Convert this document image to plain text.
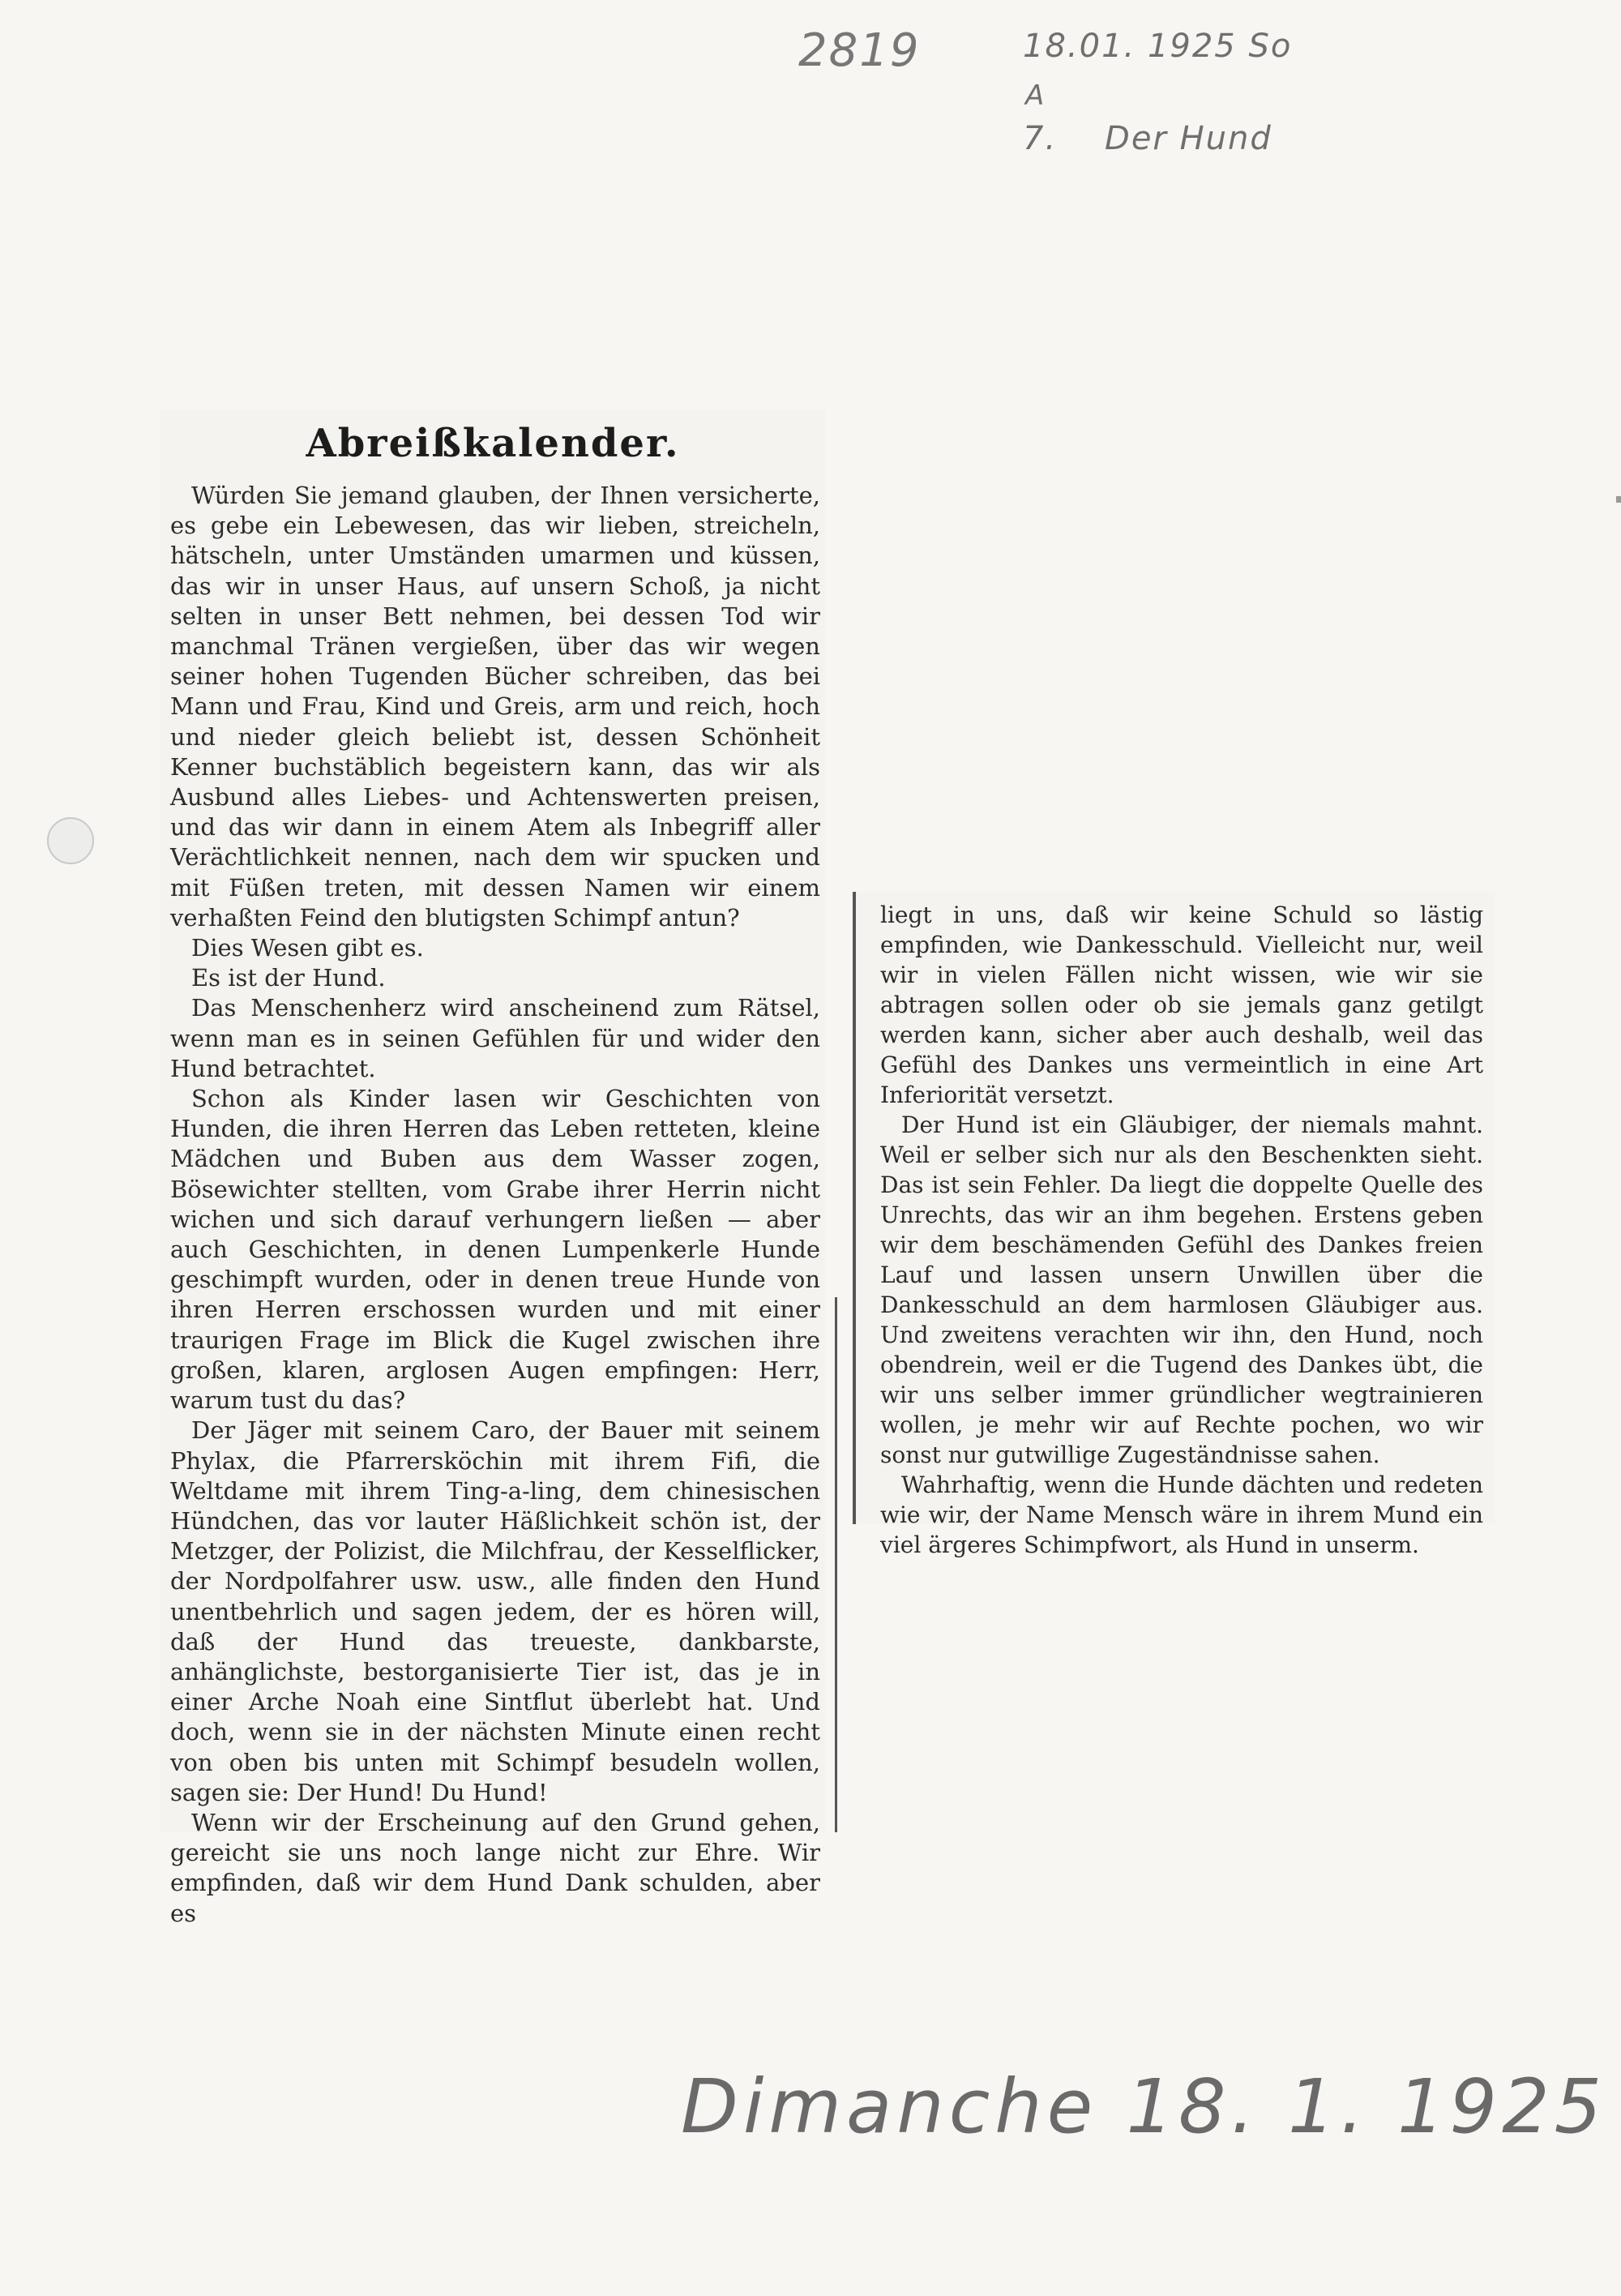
2819	18.01. 1925 So
A
7.    Der Hund
Dimanche 18. 1. 1925
Abreißkalender.

Würden Sie jemand glauben, der Ihnen versicherte, es gebe ein Lebewesen, das wir lieben, streicheln, hätscheln, unter Umständen umarmen und küssen, das wir in unser Haus, auf unsern Schoß, ja nicht selten in unser Bett nehmen, bei dessen Tod wir manchmal Tränen vergießen, über das wir wegen seiner hohen Tugenden Bücher schreiben, das bei Mann und Frau, Kind und Greis, arm und reich, hoch und nieder gleich beliebt ist, dessen Schönheit Kenner buchstäblich begeistern kann, das wir als Ausbund alles Liebes- und Achtenswerten preisen, und das wir dann in einem Atem als Inbegriff aller Verächtlichkeit nennen, nach dem wir spucken und mit Füßen treten, mit dessen Namen wir einem verhaßten Feind den blutigsten Schimpf antun?

Dies Wesen gibt es.

Es ist der Hund.

Das Menschenherz wird anscheinend zum Rätsel, wenn man es in seinen Gefühlen für und wider den Hund betrachtet.

Schon als Kinder lasen wir Geschichten von Hunden, die ihren Herren das Leben retteten, kleine Mädchen und Buben aus dem Wasser zogen, Bösewichter stellten, vom Grabe ihrer Herrin nicht wichen und sich darauf verhungern ließen — aber auch Geschichten, in denen Lumpenkerle Hunde geschimpft wurden, oder in denen treue Hunde von ihren Herren erschossen wurden und mit einer traurigen Frage im Blick die Kugel zwischen ihre großen, klaren, arglosen Augen empfingen: Herr, warum tust du das?

Der Jäger mit seinem Caro, der Bauer mit seinem Phylax, die Pfarrersköchin mit ihrem Fifi, die Weltdame mit ihrem Ting-a-ling, dem chinesischen Hündchen, das vor lauter Häßlichkeit schön ist, der Metzger, der Polizist, die Milchfrau, der Kesselflicker, der Nordpolfahrer usw. usw., alle finden den Hund unentbehrlich und sagen jedem, der es hören will, daß der Hund das treueste, dankbarste, anhänglichste, bestorganisierte Tier ist, das je in einer Arche Noah eine Sintflut überlebt hat. Und doch, wenn sie in der nächsten Minute einen recht von oben bis unten mit Schimpf besudeln wollen, sagen sie: Der Hund! Du Hund!

Wenn wir der Erscheinung auf den Grund gehen, gereicht sie uns noch lange nicht zur Ehre. Wir empfinden, daß wir dem Hund Dank schulden, aber es

liegt in uns, daß wir keine Schuld so lästig empfinden, wie Dankesschuld. Vielleicht nur, weil wir in vielen Fällen nicht wissen, wie wir sie abtragen sollen oder ob sie jemals ganz getilgt werden kann, sicher aber auch deshalb, weil das Gefühl des Dankes uns vermeintlich in eine Art Inferiorität versetzt.

Der Hund ist ein Gläubiger, der niemals mahnt. Weil er selber sich nur als den Beschenkten sieht. Das ist sein Fehler. Da liegt die doppelte Quelle des Unrechts, das wir an ihm begehen. Erstens geben wir dem beschämenden Gefühl des Dankes freien Lauf und lassen unsern Unwillen über die Dankesschuld an dem harmlosen Gläubiger aus. Und zweitens verachten wir ihn, den Hund, noch obendrein, weil er die Tugend des Dankes übt, die wir uns selber immer gründlicher wegtrainieren wollen, je mehr wir auf Rechte pochen, wo wir sonst nur gutwillige Zugeständnisse sahen.

Wahrhaftig, wenn die Hunde dächten und redeten wie wir, der Name Mensch wäre in ihrem Mund ein viel ärgeres Schimpfwort, als Hund in unserm.
